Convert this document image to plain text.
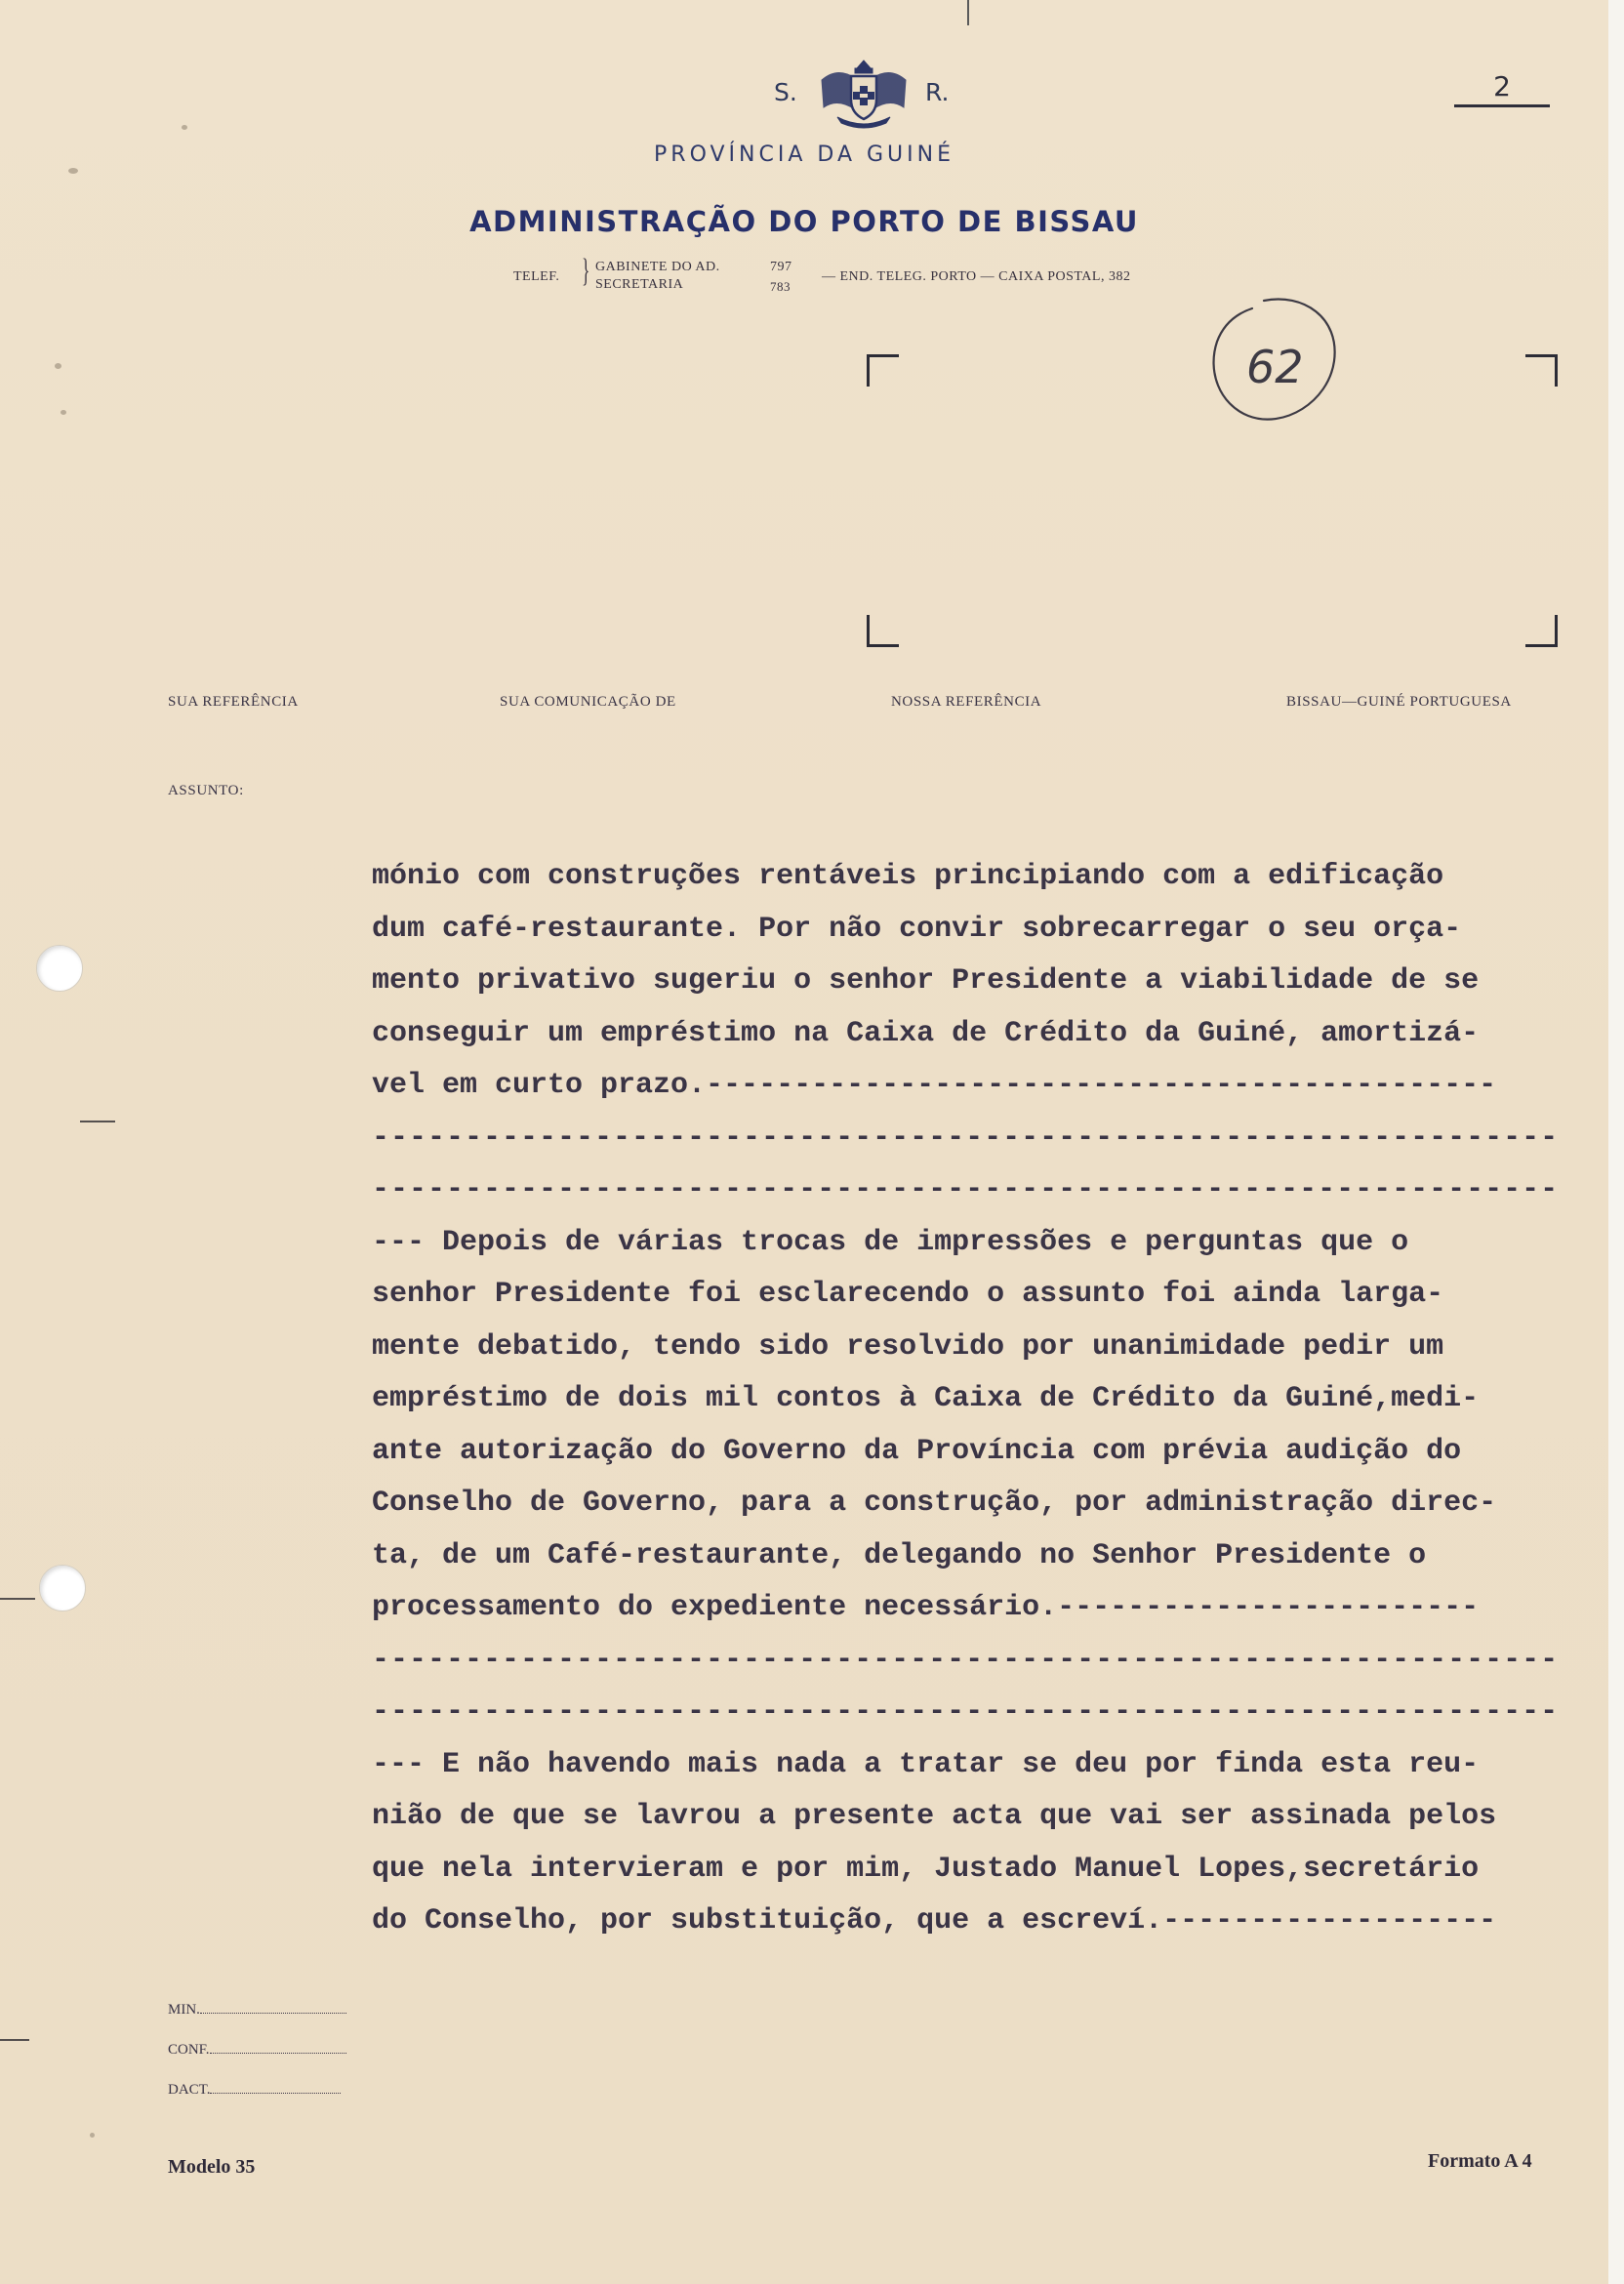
S.	R.	2
PROVÍNCIA DA GUINÉ
ADMINISTRAÇÃO DO PORTO DE BISSAU
TELEF. } GABINETE DO AD.
SECRETARIA
797
783
— END. TELEG. PORTO — CAIXA POSTAL, 382
62
SUA REFERÊNCIA	SUA COMUNICAÇÃO DE	NOSSA REFERÊNCIA	BISSAU—GUINÉ PORTUGUESA
ASSUNTO:
mónio com construções rentáveis principiando com a edificação
dum café-restaurante. Por não convir sobrecarregar o seu orça-
mento privativo sugeriu o senhor Presidente a viabilidade de se
conseguir um empréstimo na Caixa de Crédito da Guiné, amortizá-
vel em curto prazo.---------------------------------------------
----------------------------------------------------------------
----------------------------------------------------------------
--- Depois de várias trocas de impressões e perguntas que o
senhor Presidente foi esclarecendo o assunto foi ainda larga-
mente debatido, tendo sido resolvido por unanimidade pedir um
empréstimo de dois mil contos à Caixa de Crédito da Guiné,medi-
ante autorização do Governo da Província com prévia audição do
Conselho de Governo, para a construção, por administração direc-
ta, de um Café-restaurante, delegando no Senhor Presidente o
processamento do expediente necessário.------------------------
----------------------------------------------------------------
----------------------------------------------------------------
--- E não havendo mais nada a tratar se deu por finda esta reu-
nião de que se lavrou a presente acta que vai ser assinada pelos
que nela intervieram e por mim, Justado Manuel Lopes,secretário
do Conselho, por substituição, que a escreví.-------------------
MIN.
CONF.
DACT.
Modelo 35	Formato A 4
